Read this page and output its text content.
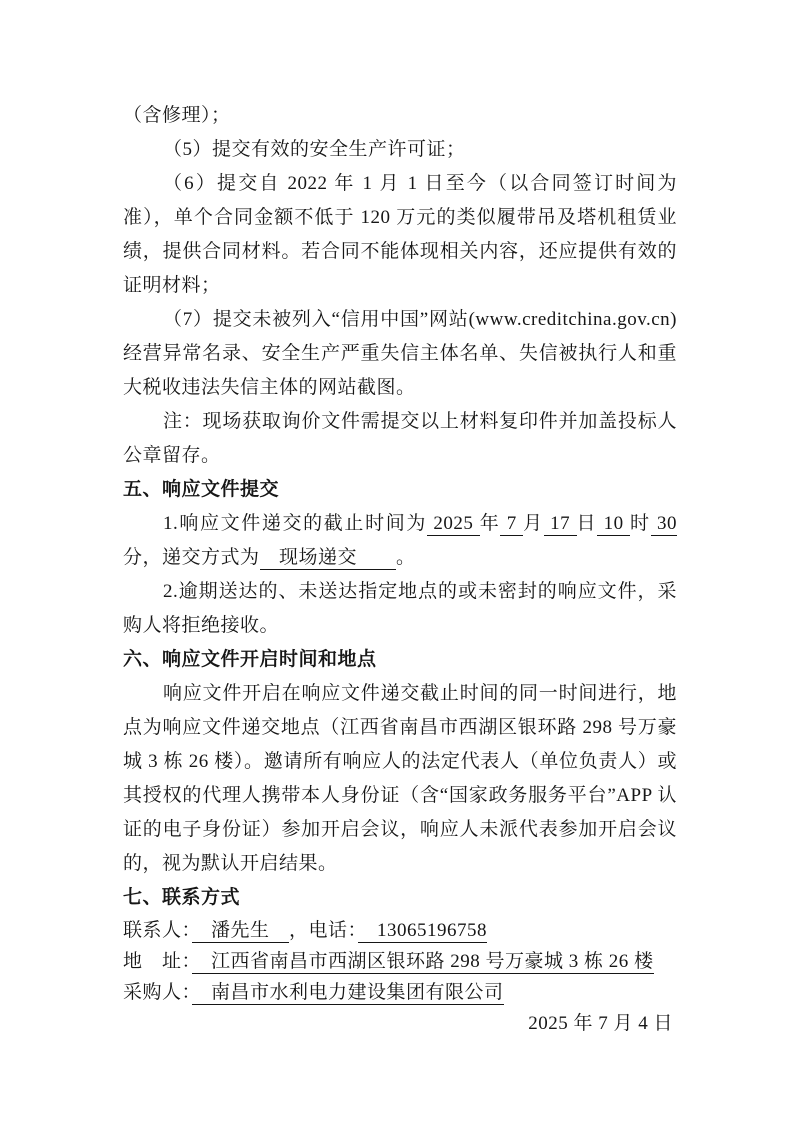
（含修理）；

（5）提交有效的安全生产许可证；

（6）提交自 2022 年 1 月 1 日至今（以合同签订时间为准），单个合同金额不低于 120 万元的类似履带吊及塔机租赁业绩，提供合同材料。若合同不能体现相关内容，还应提供有效的证明材料；

（7）提交未被列入“信用中国”网站(www.creditchina.gov.cn)经营异常名录、安全生产严重失信主体名单、失信被执行人和重大税收违法失信主体的网站截图。

注：现场获取询价文件需提交以上材料复印件并加盖投标人公章留存。

五、响应文件提交

1.响应文件递交的截止时间为 2025 年 7 月 17 日 10 时 30 分，递交方式为　现场递交　　。

2.逾期送达的、未送达指定地点的或未密封的响应文件，采购人将拒绝接收。

六、响应文件开启时间和地点

响应文件开启在响应文件递交截止时间的同一时间进行，地点为响应文件递交地点（江西省南昌市西湖区银环路 298 号万豪城 3 栋 26 楼）。邀请所有响应人的法定代表人（单位负责人）或其授权的代理人携带本人身份证（含“国家政务服务平台”APP 认证的电子身份证）参加开启会议，响应人未派代表参加开启会议的，视为默认开启结果。

七、联系方式

联系人：　潘先生　，电话：　13065196758

地　址：　江西省南昌市西湖区银环路 298 号万豪城 3 栋 26 楼

采购人：　南昌市水利电力建设集团有限公司

2025 年 7 月 4 日
